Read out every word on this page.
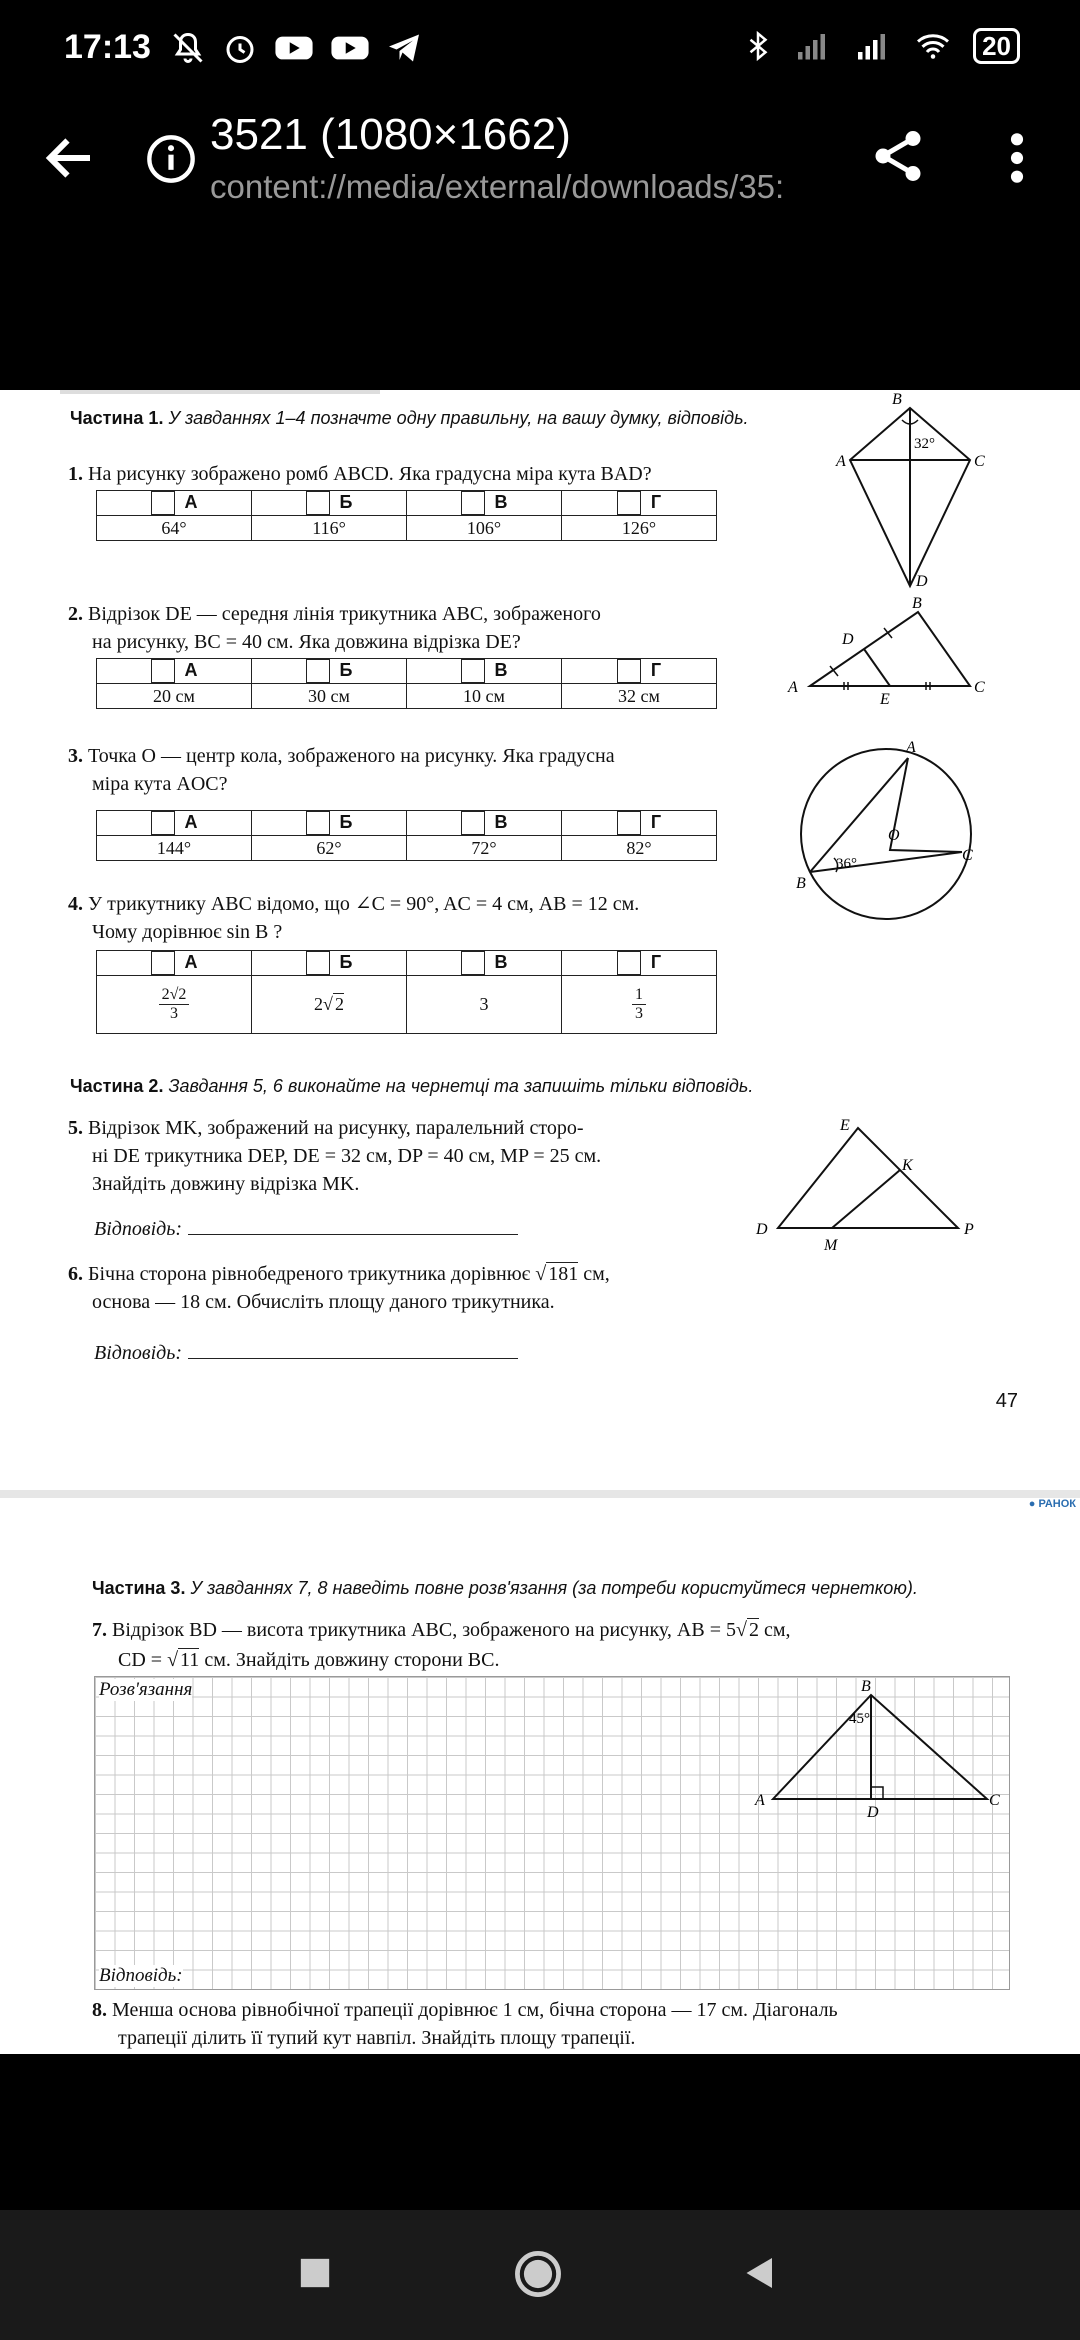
17:13	20
3521 (1080×1662)
content://media/external/downloads/35:
Частина 1. У завданнях 1–4 позначте одну правильну, на вашу думку, відповідь.
1. На рисунку зображено ромб ABCD. Яка градусна міра кута BAD?
А	Б	В	Г
64°	116°	106°	126°
2. Відрізок DE — середня лінія трикутника ABC, зображеного
на рисунку, BC = 40 см. Яка довжина відрізка DE?
А	Б	В	Г
20 см	30 см	10 см	32 см
3. Точка O — центр кола, зображеного на рисунку. Яка градусна
міра кута AOC?
А	Б	В	Г
144°	62°	72°	82°
4. У трикутнику ABC відомо, що ∠C = 90°, AC = 4 см, AB = 12 см.
Чому дорівнює sin B ?
А	Б	В	Г

$\frac{2√2}{3}$	2√ 2	3	$\frac{1}{3}$
Частина 2. Завдання 5, 6 виконайте на чернетці та запишіть тільки відповідь.
5. Відрізок MK, зображений на рисунку, паралельний сторо-
ні DE трикутника DEP, DE = 32 см, DP = 40 см, MP = 25 см.
Знайдіть довжину відрізка MK.
Відповідь:
6. Бічна сторона рівнобедреного трикутника дорівнює √ 181 см,
основа — 18 см. Обчисліть площу даного трикутника.
Відповідь:
47
B
A	C
D
32°
A
B
C
D
E
A
B
C
O
36°
E
K
D
M
P
● РАНОК
Частина 3. У завданнях 7, 8 наведіть повне розв'язання (за потреби користуйтеся чернеткою).
7. Відрізок BD — висота трикутника ABC, зображеного на рисунку, AB = 5√ 2 см,
CD = √ 11 см. Знайдіть довжину сторони BC.
Розв'язання
Відповідь:
A
B
C
D
45°
8. Менша основа рівнобічної трапеції дорівнює 1 см, бічна сторона — 17 см. Діагональ
трапеції ділить її тупий кут навпіл. Знайдіть площу трапеції.
